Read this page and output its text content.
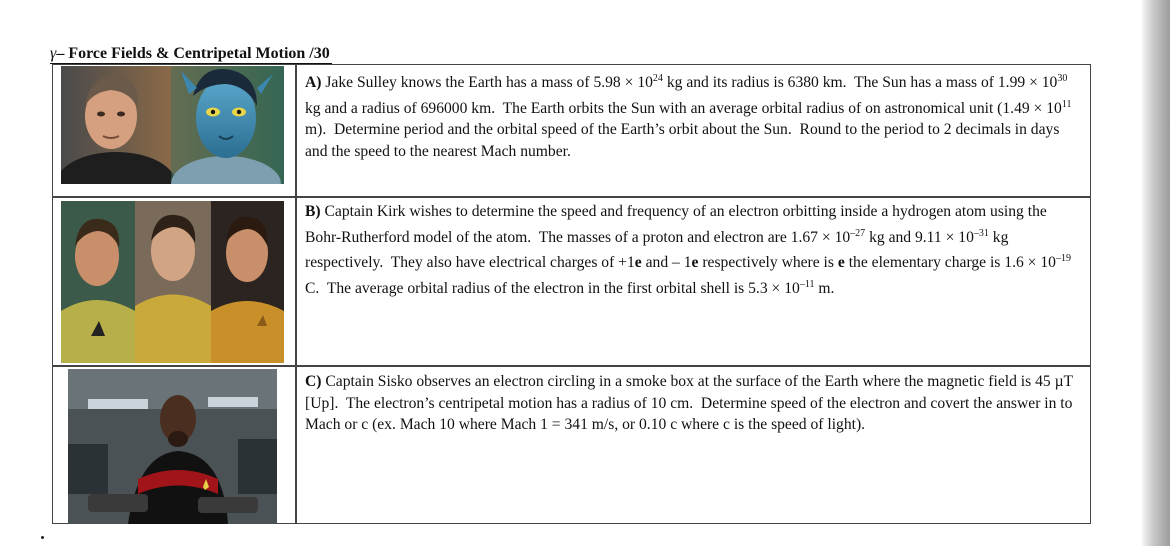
γ– Force Fields & Centripetal Motion /30
A) Jake Sulley knows the Earth has a mass of $5.98 \times 10^{24}$ kg and its radius is 6380 km.  The Sun has a mass of $1.99 \times 10^{30}$ kg and a radius of 696000 km.  The Earth orbits the Sun with an average orbital radius of on astronomical unit ($1.49 \times 10^{11}$ m).  Determine period and the orbital speed of the Earth’s orbit about the Sun.  Round to the period to 2 decimals in days and the speed to the nearest Mach number.
B) Captain Kirk wishes to determine the speed and frequency of an electron orbitting inside a hydrogen atom using the Bohr-Rutherford model of the atom.  The masses of a proton and electron are $1.67 \times 10^{-27}$ kg and $9.11 \times 10^{-31}$ kg respectively.  They also have electrical charges of +1e and – 1e respectively where is e the elementary charge is $1.6 \times 10^{-19}$ C.  The average orbital radius of the electron in the first orbital shell is $5.3 \times 10^{-11}$ m.
C) Captain Sisko observes an electron circling in a smoke box at the surface of the Earth where the magnetic field is 45 µT [Up].  The electron’s centripetal motion has a radius of 10 cm.  Determine speed of the electron and covert the answer in to Mach or c (ex. Mach 10 where Mach 1 = 341 m/s, or 0.10 c where c is the speed of light).
